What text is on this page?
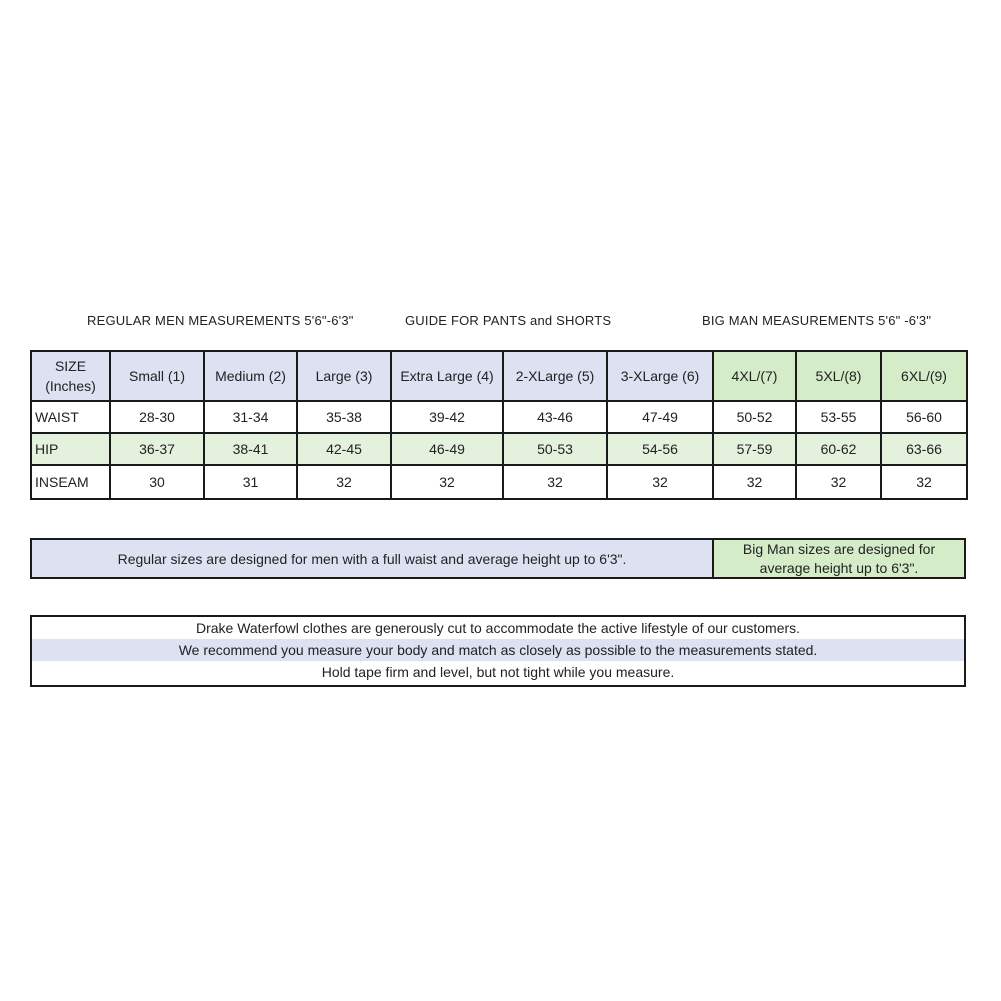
REGULAR MEN MEASUREMENTS 5'6"-6'3"	GUIDE FOR PANTS and SHORTS	BIG MAN MEASUREMENTS 5'6" -6'3"
SIZE
(Inches)	Small (1)	Medium (2)	Large (3)	Extra Large (4)	2-XLarge (5)	3-XLarge (6)	4XL/(7)	5XL/(8)	6XL/(9)
WAIST	28-30	31-34	35-38	39-42	43-46	47-49	50-52	53-55	56-60
HIP	36-37	38-41	42-45	46-49	50-53	54-56	57-59	60-62	63-66
INSEAM	30	31	32	32	32	32	32	32	32
Regular sizes are designed for men with a full waist and average height up to 6'3".
Big Man sizes are designed for
average height up to 6'3".
Drake Waterfowl clothes are generously cut to accommodate the active lifestyle of our customers.
We recommend you measure your body and match as closely as possible to the measurements stated.
Hold tape firm and level, but not tight while you measure.
